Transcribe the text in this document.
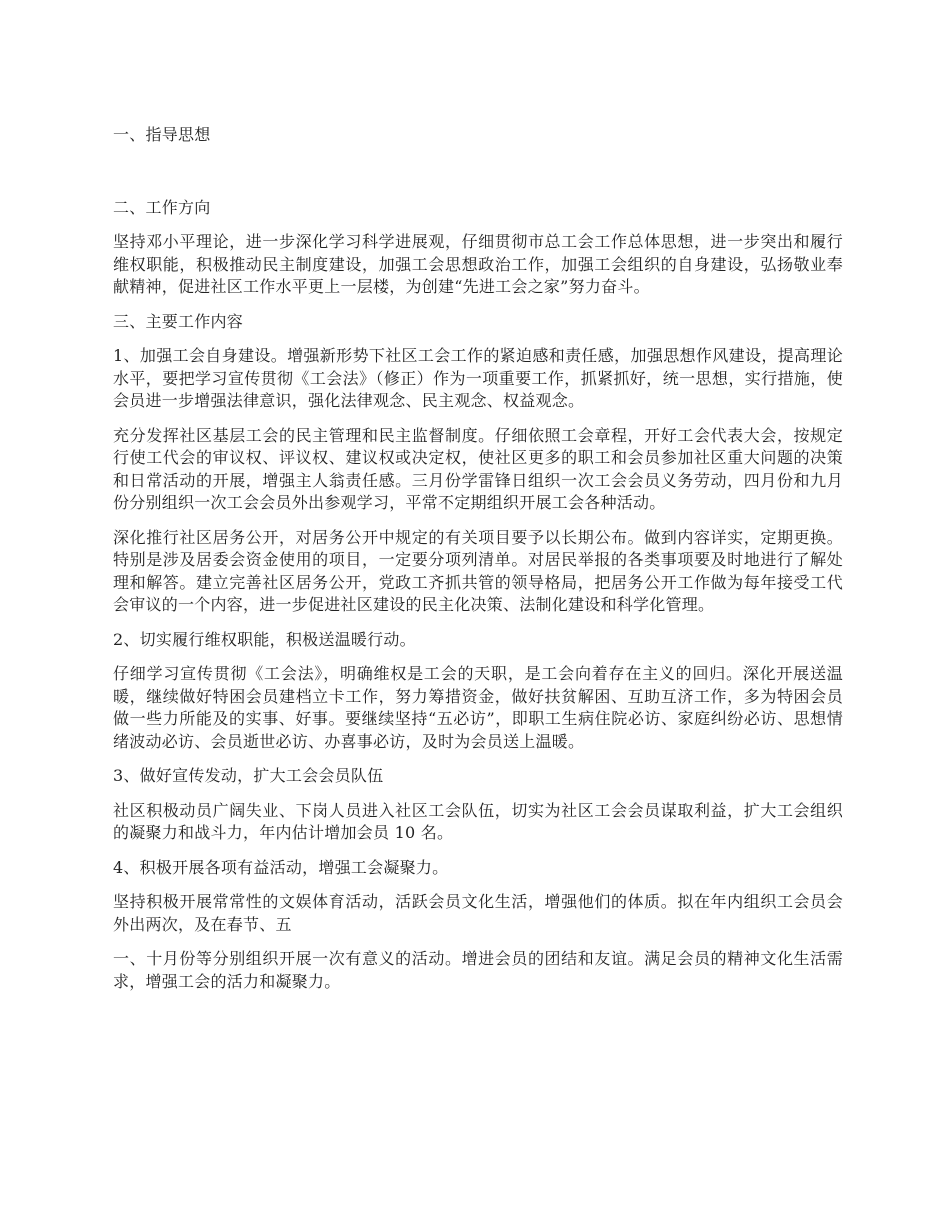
一、指导思想

二、工作方向

坚持邓小平理论，进一步深化学习科学进展观，仔细贯彻市总工会工作总体思想，进一步突出和履行维权职能，积极推动民主制度建设，加强工会思想政治工作，加强工会组织的自身建设，弘扬敬业奉献精神，促进社区工作水平更上一层楼，为创建“先进工会之家”努力奋斗。

三、主要工作内容

1、加强工会自身建设。增强新形势下社区工会工作的紧迫感和责任感，加强思想作风建设，提高理论水平，要把学习宣传贯彻《工会法》（修正）作为一项重要工作，抓紧抓好，统一思想，实行措施，使会员进一步增强法律意识，强化法律观念、民主观念、权益观念。

充分发挥社区基层工会的民主管理和民主监督制度。仔细依照工会章程，开好工会代表大会，按规定行使工代会的审议权、评议权、建议权或决定权，使社区更多的职工和会员参加社区重大问题的决策和日常活动的开展，增强主人翁责任感。三月份学雷锋日组织一次工会会员义务劳动，四月份和九月份分别组织一次工会会员外出参观学习，平常不定期组织开展工会各种活动。

深化推行社区居务公开，对居务公开中规定的有关项目要予以长期公布。做到内容详实，定期更换。特别是涉及居委会资金使用的项目，一定要分项列清单。对居民举报的各类事项要及时地进行了解处理和解答。建立完善社区居务公开，党政工齐抓共管的领导格局，把居务公开工作做为每年接受工代会审议的一个内容，进一步促进社区建设的民主化决策、法制化建设和科学化管理。

2、切实履行维权职能，积极送温暖行动。

仔细学习宣传贯彻《工会法》，明确维权是工会的天职，是工会向着存在主义的回归。深化开展送温暖，继续做好特困会员建档立卡工作，努力筹措资金，做好扶贫解困、互助互济工作，多为特困会员做一些力所能及的实事、好事。要继续坚持“五必访”，即职工生病住院必访、家庭纠纷必访、思想情绪波动必访、会员逝世必访、办喜事必访，及时为会员送上温暖。

3、做好宣传发动，扩大工会会员队伍

社区积极动员广阔失业、下岗人员进入社区工会队伍，切实为社区工会会员谋取利益，扩大工会组织的凝聚力和战斗力，年内估计增加会员 10 名。

4、积极开展各项有益活动，增强工会凝聚力。

坚持积极开展常常性的文娱体育活动，活跃会员文化生活，增强他们的体质。拟在年内组织工会员会外出两次，及在春节、五

一、十月份等分别组织开展一次有意义的活动。增进会员的团结和友谊。满足会员的精神文化生活需求，增强工会的活力和凝聚力。
